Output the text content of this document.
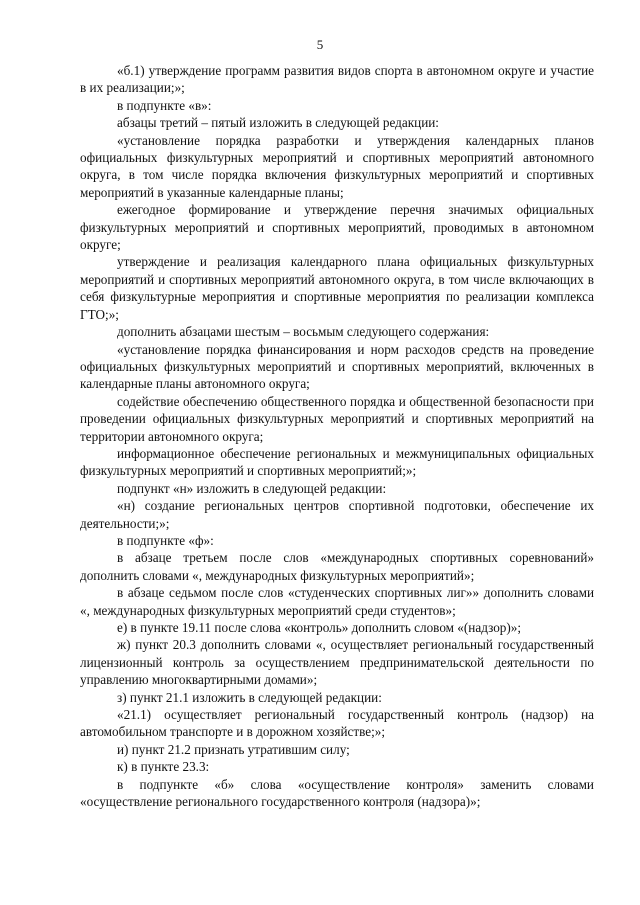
5

«б.1) утверждение программ развития видов спорта в автономном округе и участие в их реализации;»;

в подпункте «в»:

абзацы третий – пятый изложить в следующей редакции:

«установление порядка разработки и утверждения календарных планов официальных физкультурных мероприятий и спортивных мероприятий автономного округа, в том числе порядка включения физкультурных мероприятий и спортивных мероприятий в указанные календарные планы;

ежегодное формирование и утверждение перечня значимых официальных физкультурных мероприятий и спортивных мероприятий, проводимых в автономном округе;

утверждение и реализация календарного плана официальных физкультурных мероприятий и спортивных мероприятий автономного округа, в том числе включающих в себя физкультурные мероприятия и спортивные мероприятия по реализации комплекса ГТО;»;

дополнить абзацами шестым – восьмым следующего содержания:

«установление порядка финансирования и норм расходов средств на проведение официальных физкультурных мероприятий и спортивных мероприятий, включенных в календарные планы автономного округа;

содействие обеспечению общественного порядка и общественной безопасности при проведении официальных физкультурных мероприятий и спортивных мероприятий на территории автономного округа;

информационное обеспечение региональных и межмуниципальных официальных физкультурных мероприятий и спортивных мероприятий;»;

подпункт «н» изложить в следующей редакции:

«н) создание региональных центров спортивной подготовки, обеспечение их деятельности;»;

в подпункте «ф»:

в абзаце третьем после слов «международных спортивных соревнований» дополнить словами «, международных физкультурных мероприятий»;

в абзаце седьмом после слов «студенческих спортивных лиг»» дополнить словами «, международных физкультурных мероприятий среди студентов»;

е) в пункте 19.11 после слова «контроль» дополнить словом «(надзор)»;

ж) пункт 20.3 дополнить словами «, осуществляет региональный государственный лицензионный контроль за осуществлением предпринимательской деятельности по управлению многоквартирными домами»;

з) пункт 21.1 изложить в следующей редакции:

«21.1) осуществляет региональный государственный контроль (надзор) на автомобильном транспорте и в дорожном хозяйстве;»;

и) пункт 21.2 признать утратившим силу;

к) в пункте 23.3:

в подпункте «б» слова «осуществление контроля» заменить словами «осуществление регионального государственного контроля (надзора)»;
